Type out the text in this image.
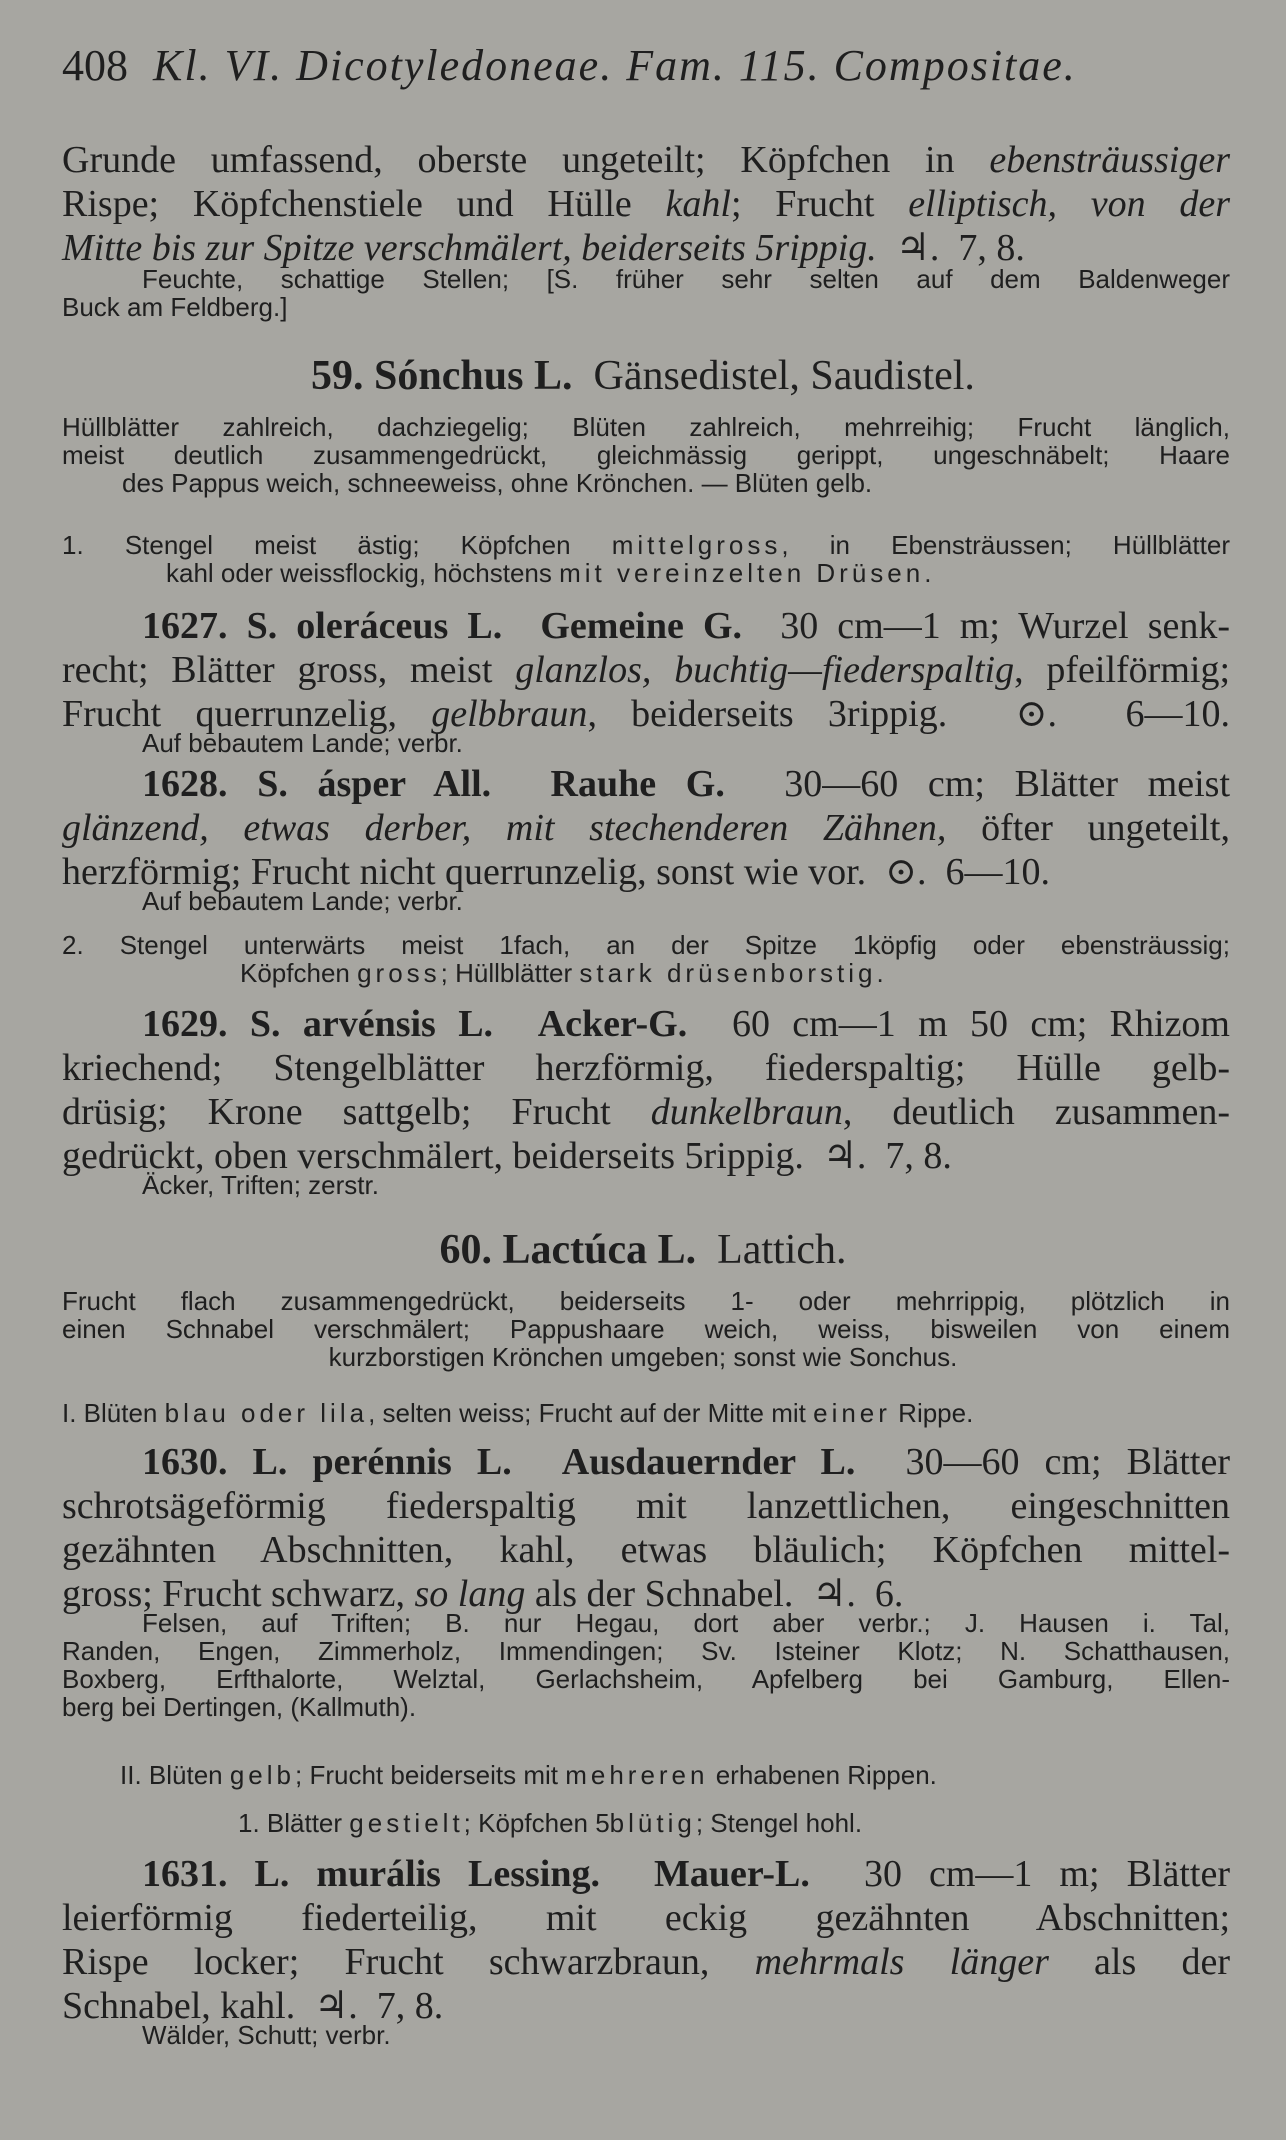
408 Kl. VI. Dicotyledoneae. Fam. 115. Compositae.
Grunde umfassend, oberste ungeteilt; Köpfchen in ebensträussiger
Rispe; Köpfchenstiele und Hülle kahl; Frucht elliptisch, von der
Mitte bis zur Spitze verschmälert, beiderseits 5rippig.  ♃.  7, 8.
Feuchte, schattige Stellen; [S. früher sehr selten auf dem Baldenweger
Buck am Feldberg.]
59. Sónchus L.  Gänsedistel, Saudistel.
Hüllblätter zahlreich, dachziegelig; Blüten zahlreich, mehrreihig; Frucht länglich,
meist deutlich zusammengedrückt, gleichmässig gerippt, ungeschnäbelt; Haare
des Pappus weich, schneeweiss, ohne Krönchen. — Blüten gelb.
1. Stengel meist ästig; Köpfchen mittelgross, in Ebensträussen; Hüllblätter
kahl oder weissflockig, höchstens mit vereinzelten Drüsen.
1627. S. oleráceus L.  Gemeine G.  30 cm—1 m; Wurzel senk-
recht; Blätter gross, meist glanzlos, buchtig—fiederspaltig, pfeilförmig;
Frucht querrunzelig, gelbbraun, beiderseits 3rippig.  ⊙.  6—10.
Auf bebautem Lande; verbr.
1628. S. ásper All.  Rauhe G.  30—60 cm; Blätter meist
glänzend, etwas derber, mit stechenderen Zähnen, öfter ungeteilt,
herzförmig; Frucht nicht querrunzelig, sonst wie vor.  ⊙.  6—10.
Auf bebautem Lande; verbr.
2. Stengel unterwärts meist 1fach, an der Spitze 1köpfig oder ebensträussig;
Köpfchen gross; Hüllblätter stark drüsenborstig.
1629. S. arvénsis L.  Acker-G.  60 cm—1 m 50 cm; Rhizom
kriechend; Stengelblätter herzförmig, fiederspaltig; Hülle gelb-
drüsig; Krone sattgelb; Frucht dunkelbraun, deutlich zusammen-
gedrückt, oben verschmälert, beiderseits 5rippig.  ♃.  7, 8.
Äcker, Triften; zerstr.
60. Lactúca L.  Lattich.
Frucht flach zusammengedrückt, beiderseits 1- oder mehrrippig, plötzlich in
einen Schnabel verschmälert; Pappushaare weich, weiss, bisweilen von einem
kurzborstigen Krönchen umgeben; sonst wie Sonchus.
I. Blüten blau oder lila, selten weiss; Frucht auf der Mitte mit einer Rippe.
1630. L. perénnis L.  Ausdauernder L.  30—60 cm; Blätter
schrotsägeförmig fiederspaltig mit lanzettlichen, eingeschnitten
gezähnten Abschnitten, kahl, etwas bläulich; Köpfchen mittel-
gross; Frucht schwarz, so lang als der Schnabel.  ♃.  6.
Felsen, auf Triften; B. nur Hegau, dort aber verbr.; J. Hausen i. Tal,
Randen, Engen, Zimmerholz, Immendingen; Sv. Isteiner Klotz; N. Schatthausen,
Boxberg, Erfthalorte, Welztal, Gerlachsheim, Apfelberg bei Gamburg, Ellen-
berg bei Dertingen, (Kallmuth).
II. Blüten gelb; Frucht beiderseits mit mehreren erhabenen Rippen.
1. Blätter gestielt; Köpfchen 5blütig; Stengel hohl.
1631. L. murális Lessing.  Mauer-L.  30 cm—1 m; Blätter
leierförmig fiederteilig, mit eckig gezähnten Abschnitten;
Rispe locker; Frucht schwarzbraun, mehrmals länger als der
Schnabel, kahl.  ♃.  7, 8.
Wälder, Schutt; verbr.
